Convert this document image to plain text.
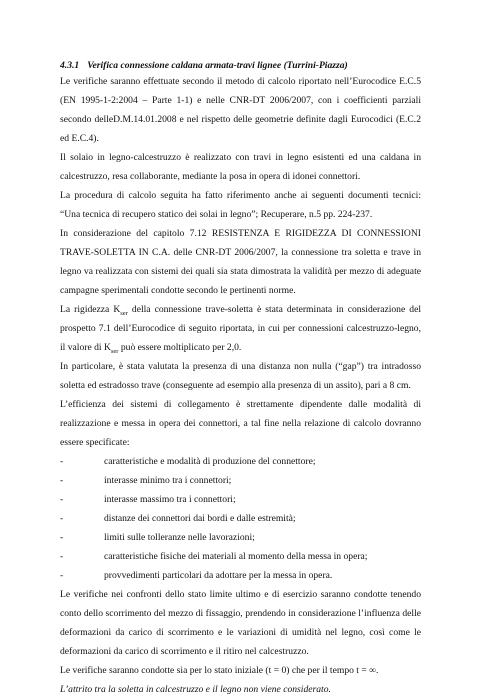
4.3.1 Verifica connessione caldana armata-travi lignee (Turrini-Piazza)

Le verifiche saranno effettuate secondo il metodo di calcolo riportato nell’Eurocodice E.C.5 (EN 1995-1-2:2004 – Parte 1-1) e nelle CNR-DT 2006/2007, con i coefficienti parziali secondo delleD.M.14.01.2008 e nel rispetto delle geometrie definite dagli Eurocodici (E.C.2 ed E.C.4).

Il solaio in legno-calcestruzzo è realizzato con travi in legno esistenti ed una caldana in calcestruzzo, resa collaborante, mediante la posa in opera di idonei connettori.

La procedura di calcolo seguita ha fatto riferimento anche ai seguenti documenti tecnici: “Una tecnica di recupero statico dei solai in legno”; Recuperare, n.5 pp. 224-237.

In considerazione del capitolo 7.12 RESISTENZA E RIGIDEZZA DI CONNESSIONI TRAVE-SOLETTA IN C.A. delle CNR-DT 2006/2007, la connessione tra soletta e trave in legno va realizzata con sistemi dei quali sia stata dimostrata la validità per mezzo di adeguate campagne sperimentali condotte secondo le pertinenti norme.

La rigidezza $K_{ser}$ della connessione trave-soletta è stata determinata in considerazione del prospetto 7.1 dell’Eurocodice di seguito riportata, in cui per connessioni calcestruzzo-legno, il valore di $K_{ser}$ può essere moltiplicato per 2,0.

In particolare, è stata valutata la presenza di una distanza non nulla (“gap”) tra intradosso soletta ed estradosso trave (conseguente ad esempio alla presenza di un assito), pari a 8 cm.

L’efficienza dei sistemi di collegamento è strettamente dipendente dalle modalità di realizzazione e messa in opera dei connettori, a tal fine nella relazione di calcolo dovranno essere specificate:

-	caratteristiche e modalità di produzione del connettore;
-	interasse minimo tra i connettori;
-	interasse massimo tra i connettori;
-	distanze dei connettori dai bordi e dalle estremità;
-	limiti sulle tolleranze nelle lavorazioni;
-	caratteristiche fisiche dei materiali al momento della messa in opera;
-	provvedimenti particolari da adottare per la messa in opera.

Le verifiche nei confronti dello stato limite ultimo e di esercizio saranno condotte tenendo conto dello scorrimento del mezzo di fissaggio, prendendo in considerazione l’influenza delle deformazioni da carico di scorrimento e le variazioni di umidità nel legno, così come le deformazioni da carico di scorrimento e il ritiro nel calcestruzzo.

Le verifiche saranno condotte sia per lo stato iniziale (t = 0) che per il tempo t = ∞.

L’attrito tra la soletta in calcestruzzo e il legno non viene considerato.
